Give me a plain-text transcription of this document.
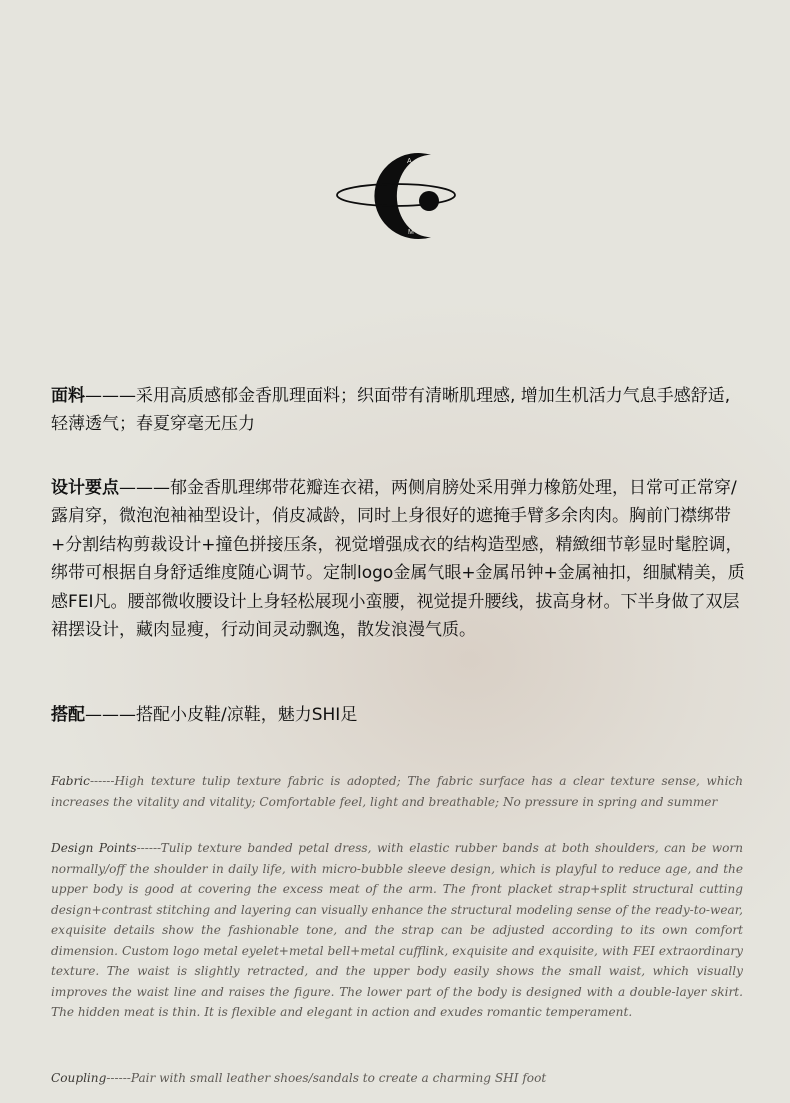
A
M

面料———采用高质感郁金香肌理面料；织面带有清晰肌理感, 增加生机活力气息手感舒适, 轻薄透气；春夏穿毫无压力

设计要点———郁金香肌理绑带花瓣连衣裙，两侧肩膀处采用弹力橡筋处理，日常可正常穿/露肩穿，微泡泡袖袖型设计，俏皮减龄，同时上身很好的遮掩手臂多余肉肉。胸前门襟绑带+分割结构剪裁设计+撞色拼接压条，视觉增强成衣的结构造型感，精緻细节彰显时髦腔调，绑带可根据自身舒适维度随心调节。定制logo金属气眼+金属吊钟+金属袖扣，细腻精美，质感FEI凡。腰部微收腰设计上身轻松展现小蛮腰，视觉提升腰线，拔高身材。下半身做了双层裙摆设计，藏肉显瘦，行动间灵动飘逸，散发浪漫气质。

搭配———搭配小皮鞋/凉鞋，魅力SHI足

Fabric------High texture tulip texture fabric is adopted; The fabric surface has a clear texture sense, which increases the vitality and vitality; Comfortable feel, light and breathable; No pressure in spring and summer

Design Points------Tulip texture banded petal dress, with elastic rubber bands at both shoulders, can be worn normally/off the shoulder in daily life, with micro-bubble sleeve design, which is playful to reduce age, and the upper body is good at covering the excess meat of the arm. The front placket strap+split structural cutting design+contrast stitching and layering can visually enhance the structural modeling sense of the ready-to-wear, exquisite details show the fashionable tone, and the strap can be adjusted according to its own comfort dimension. Custom logo metal eyelet+metal bell+metal cufflink, exquisite and exquisite, with FEI extraordinary texture. The waist is slightly retracted, and the upper body easily shows the small waist, which visually improves the waist line and raises the figure. The lower part of the body is designed with a double-layer skirt. The hidden meat is thin. It is flexible and elegant in action and exudes romantic temperament.

Coupling------Pair with small leather shoes/sandals to create a charming SHI foot
